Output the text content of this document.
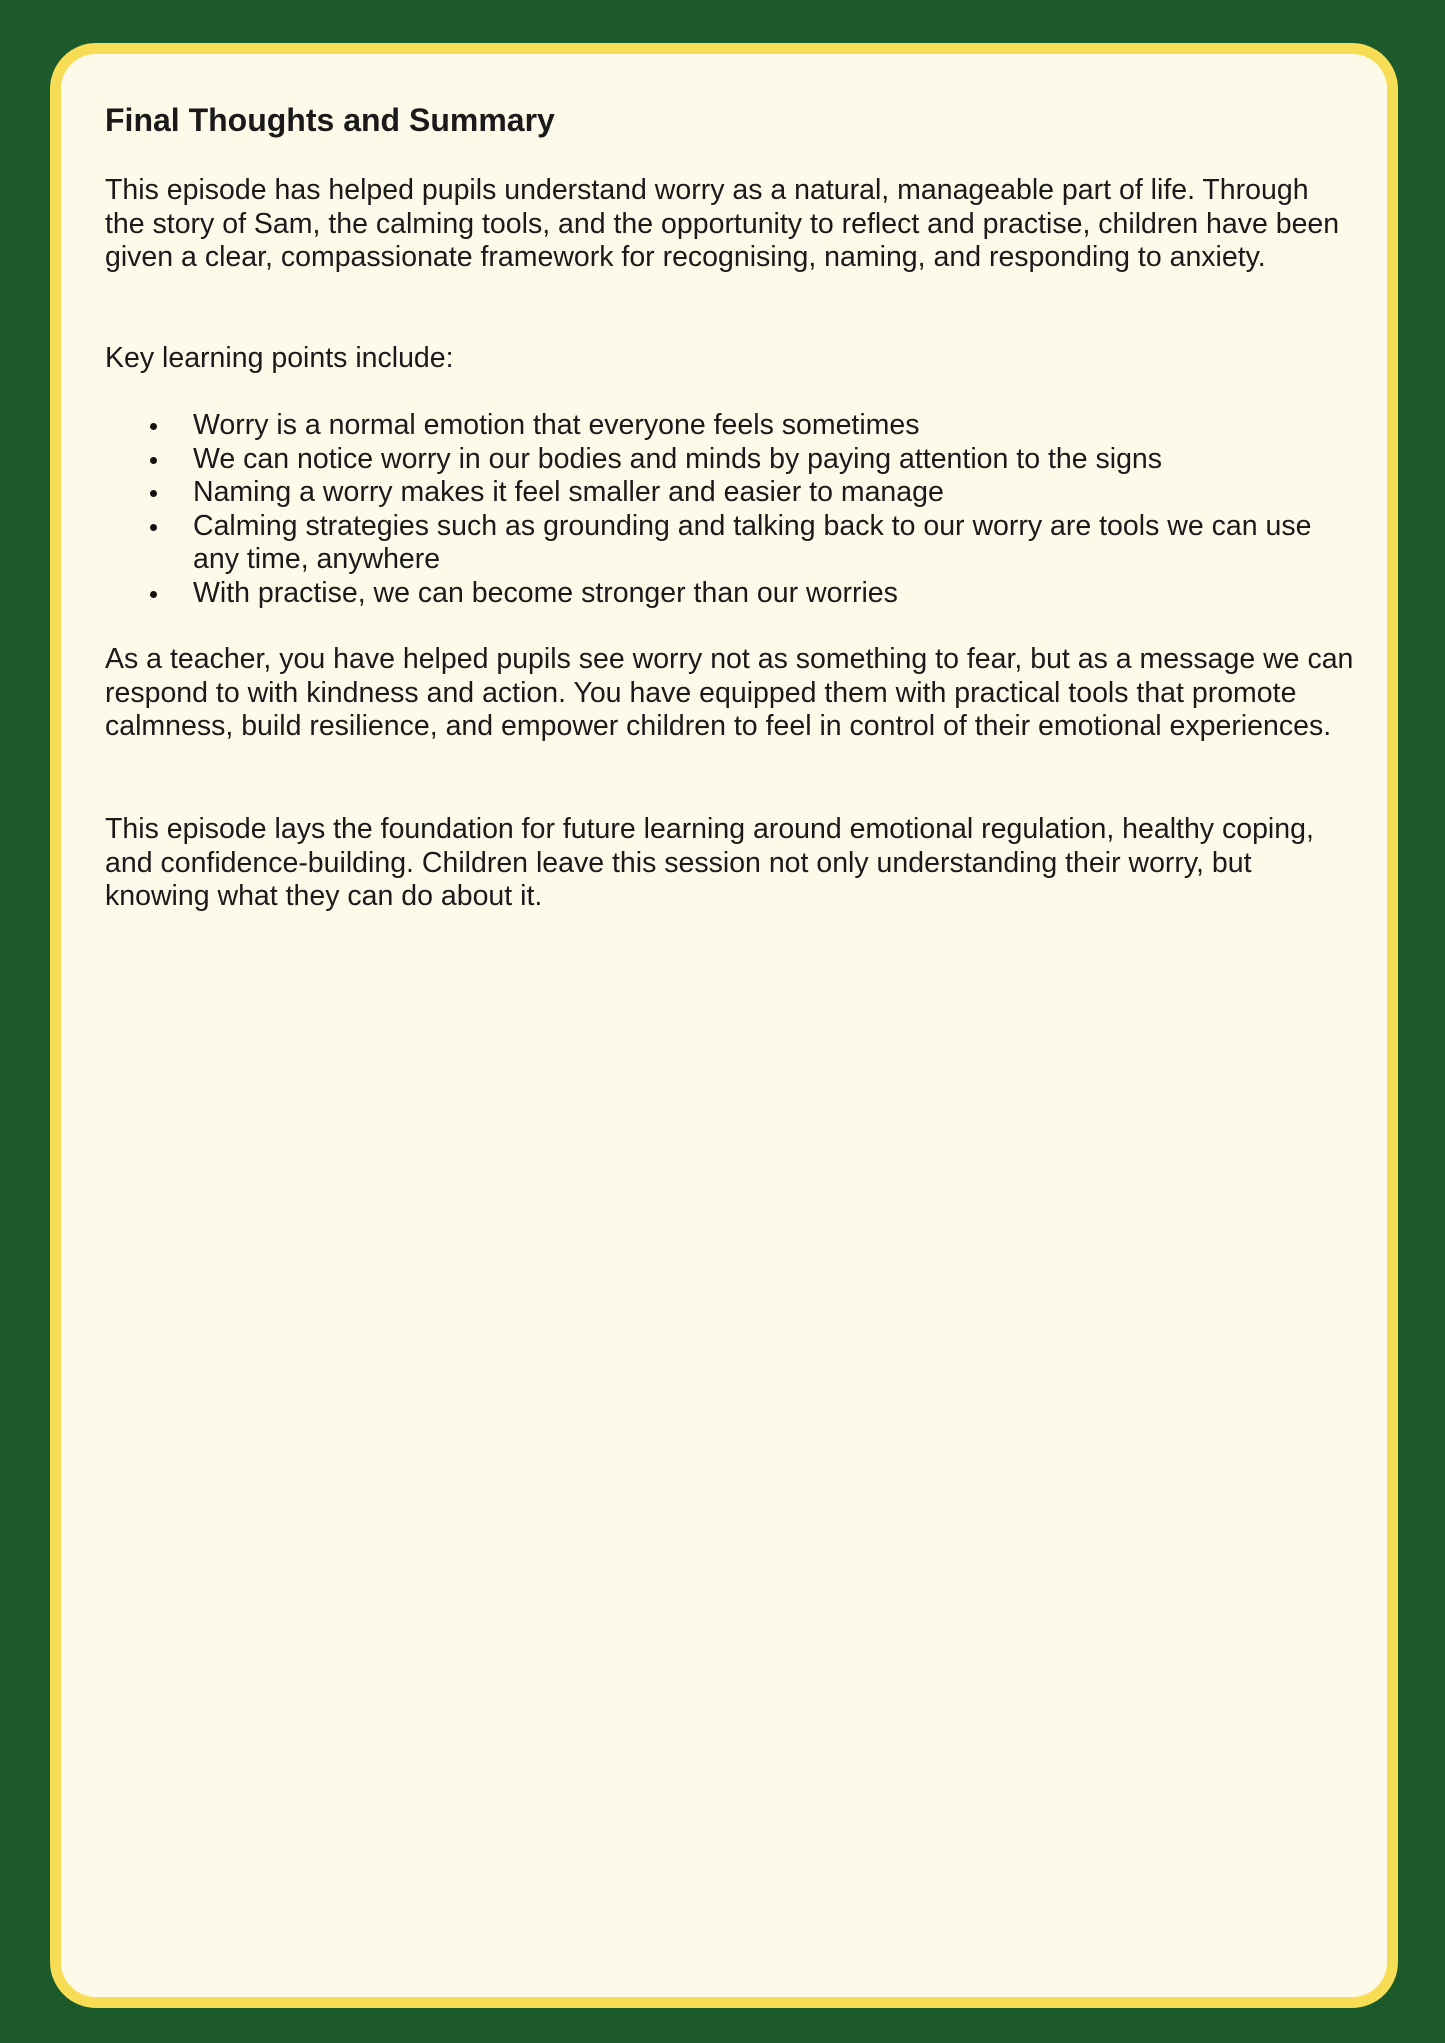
Final Thoughts and Summary

This episode has helped pupils understand worry as a natural, manageable part of life. Through the story of Sam, the calming tools, and the opportunity to reflect and practise, children have been given a clear, compassionate framework for recognising, naming, and responding to anxiety.

Key learning points include:

Worry is a normal emotion that everyone feels sometimes
We can notice worry in our bodies and minds by paying attention to the signs
Naming a worry makes it feel smaller and easier to manage
Calming strategies such as grounding and talking back to our worry are tools we can use any time, anywhere
With practise, we can become stronger than our worries

As a teacher, you have helped pupils see worry not as something to fear, but as a message we can respond to with kindness and action. You have equipped them with practical tools that promote calmness, build resilience, and empower children to feel in control of their emotional experiences.

This episode lays the foundation for future learning around emotional regulation, healthy coping, and confidence-building. Children leave this session not only understanding their worry, but knowing what they can do about it.
